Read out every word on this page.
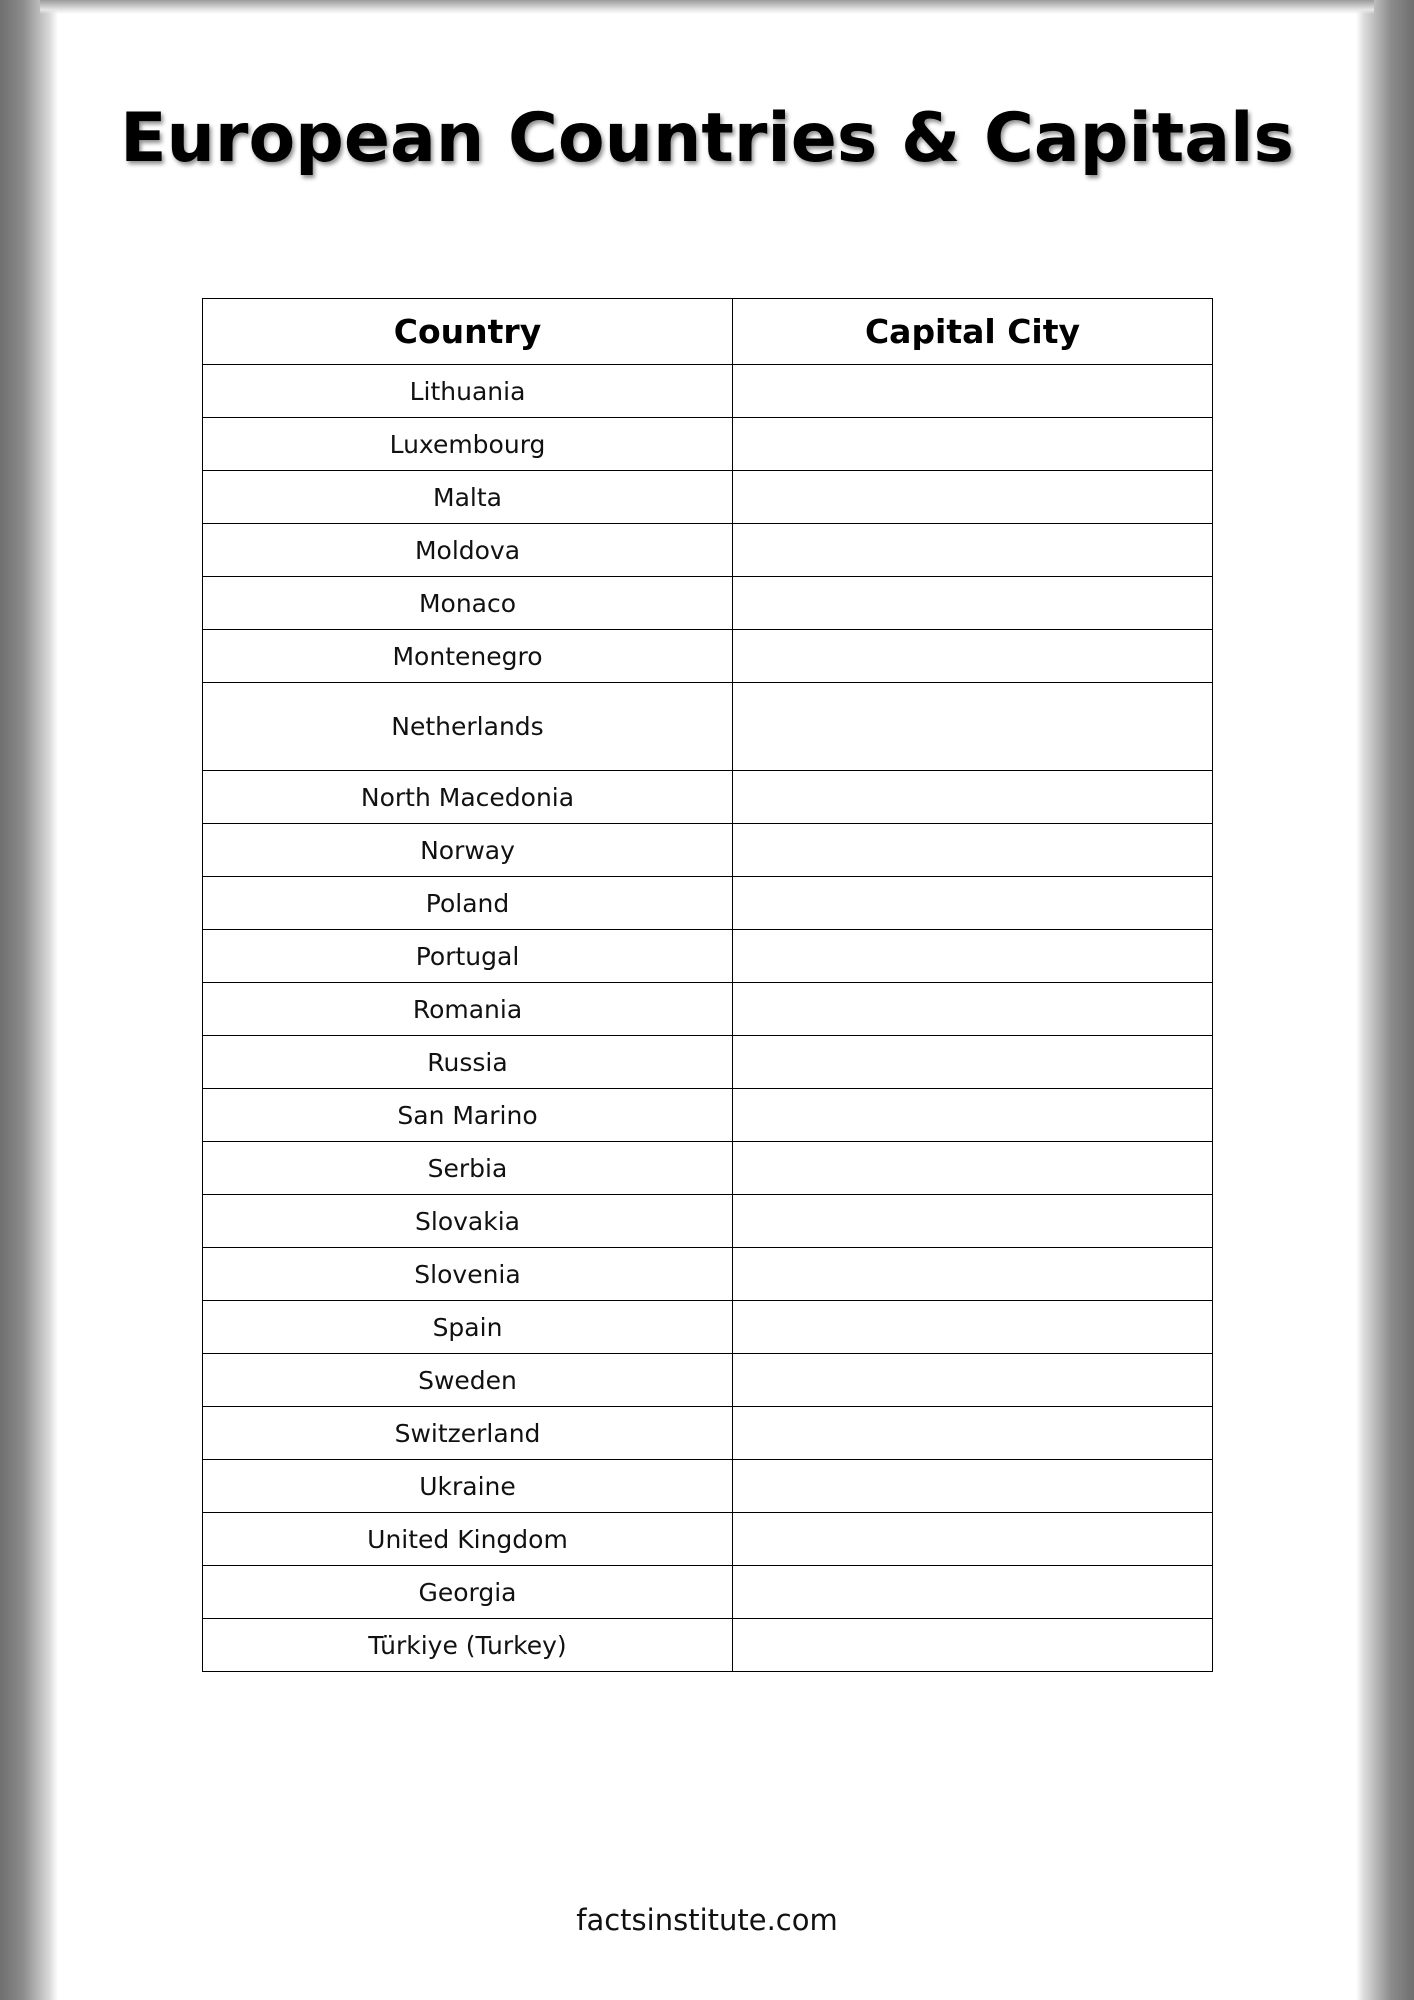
European Countries & Capitals
Country	Capital City
Lithuania	
Luxembourg	
Malta	
Moldova	
Monaco	
Montenegro	
Netherlands	
North Macedonia	
Norway	
Poland	
Portugal	
Romania	
Russia	
San Marino	
Serbia	
Slovakia	
Slovenia	
Spain	
Sweden	
Switzerland	
Ukraine	
United Kingdom	
Georgia	
Türkiye (Turkey)	
factsinstitute.com
